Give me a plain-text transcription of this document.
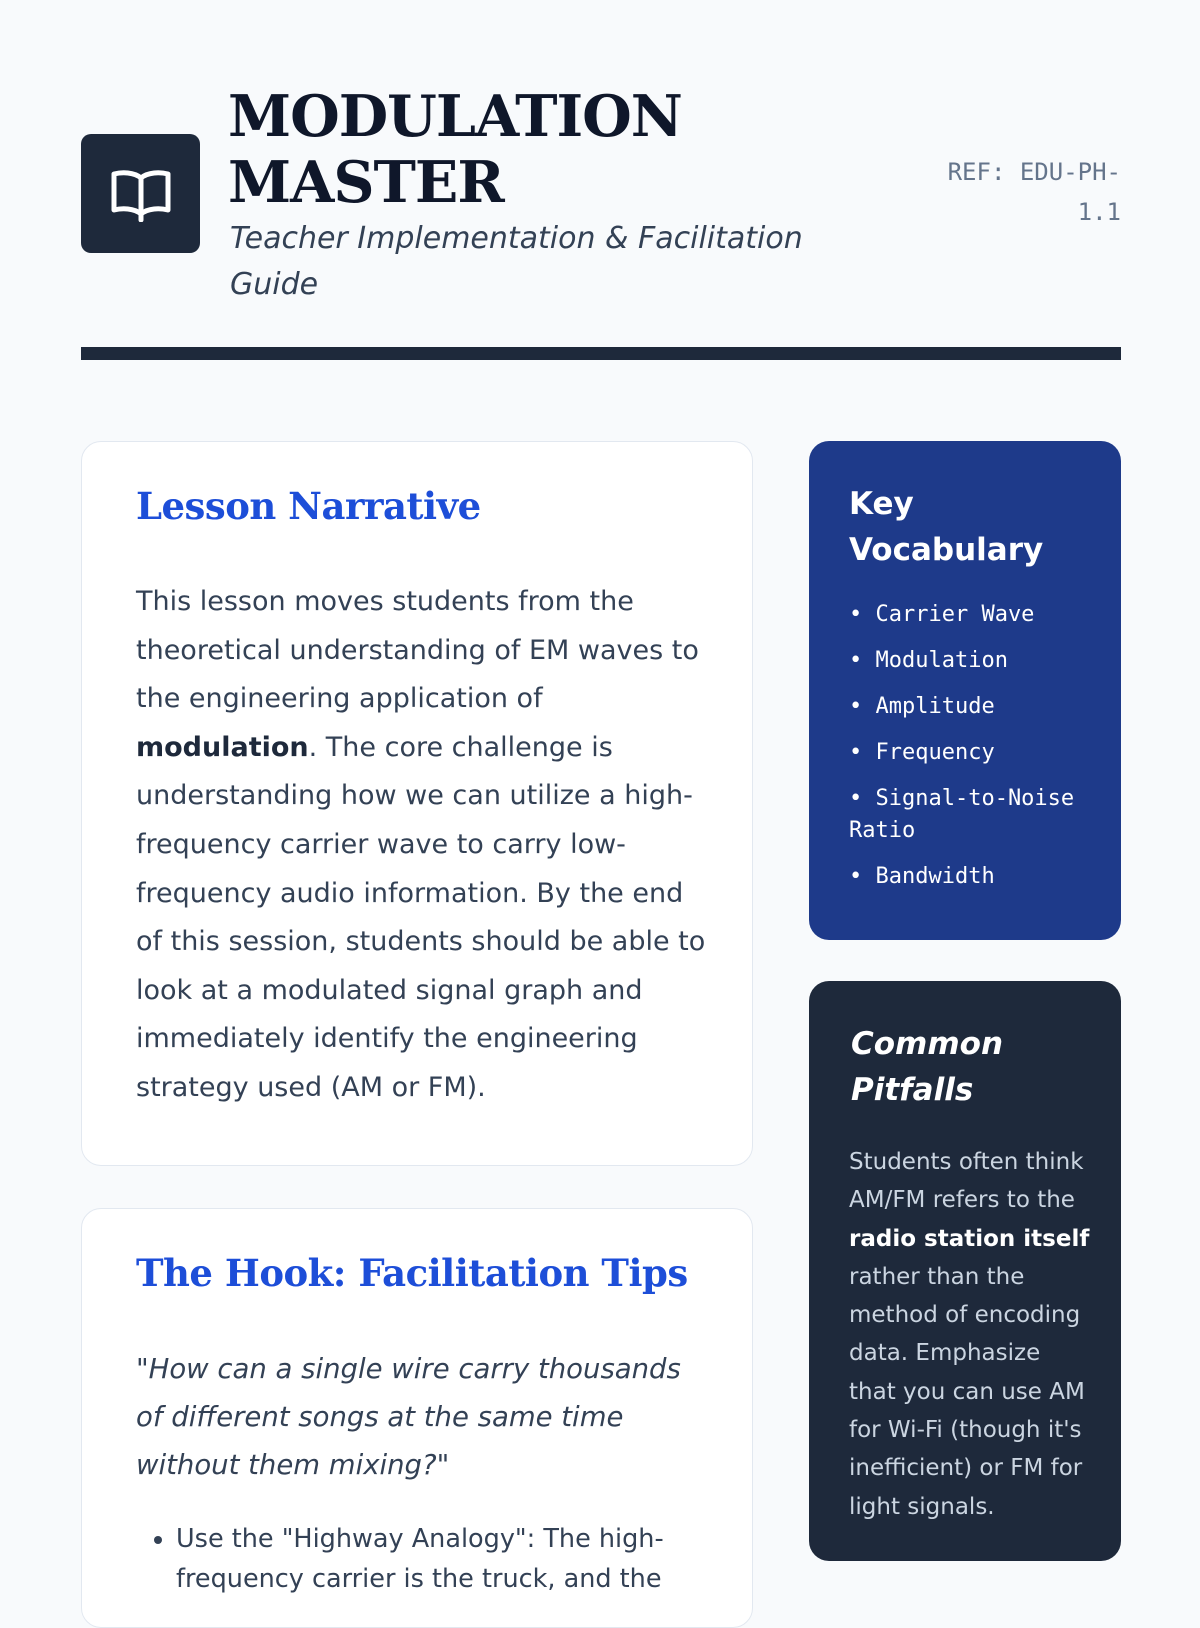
MODULATION
MASTER

Teacher Implementation & Facilitation Guide

REF: EDU-PH-
1.1
Lesson Narrative

This lesson moves students from the theoretical understanding of EM waves to the engineering application of modulation. The core challenge is understanding how we can utilize a high-frequency carrier wave to carry low-frequency audio information. By the end of this session, students should be able to look at a modulated signal graph and immediately identify the engineering strategy used (AM or FM).

The Hook: Facilitation Tips

"How can a single wire carry thousands of different songs at the same time without them mixing?"

• Use the "Highway Analogy": The high-frequency carrier is the truck, and the
Key Vocabulary
• Carrier Wave
• Modulation
• Amplitude
• Frequency
• Signal-to-Noise Ratio
• Bandwidth
Common Pitfalls

Students often think AM/FM refers to the radio station itself rather than the method of encoding data. Emphasize that you can use AM for Wi-Fi (though it's inefficient) or FM for light signals.
